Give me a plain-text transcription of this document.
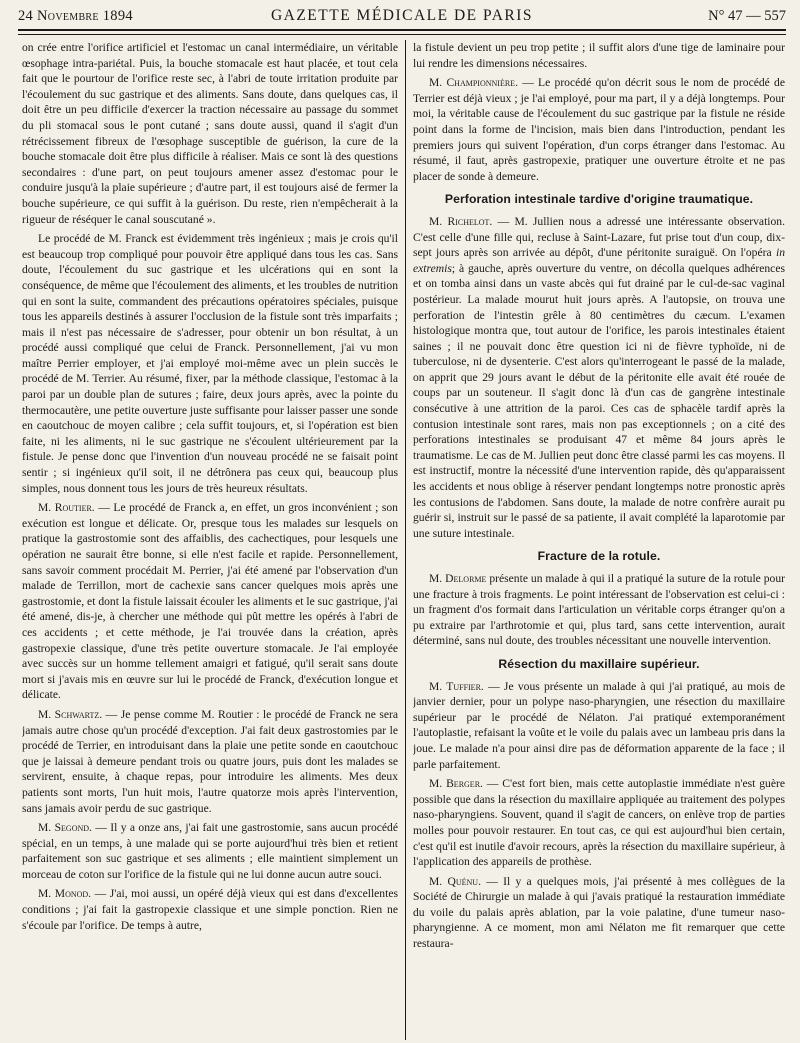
24 Novembre 1894	GAZETTE MÉDICALE DE PARIS	N° 47 — 557

on crée entre l'orifice artificiel et l'estomac un canal intermédiaire, un véritable œsophage intra-pariétal. Puis, la bouche stomacale est haut placée, et tout cela fait que le pourtour de l'orifice reste sec, à l'abri de toute irritation produite par l'écoulement du suc gastrique et des aliments. Sans doute, dans quelques cas, il doit être un peu difficile d'exercer la traction nécessaire au passage du sommet du pli stomacal sous le pont cutané ; sans doute aussi, quand il s'agit d'un rétrécissement fibreux de l'œsophage susceptible de guérison, la cure de la bouche stomacale doit être plus difficile à réaliser. Mais ce sont là des questions secondaires : d'une part, on peut toujours amener assez d'estomac pour le conduire jusqu'à la plaie supérieure ; d'autre part, il est toujours aisé de fermer la bouche supérieure, ce qui suffit à la guérison. Du reste, rien n'empêcherait à la rigueur de réséquer le canal souscutané ».

Le procédé de M. Franck est évidemment très ingénieux ; mais je crois qu'il est beaucoup trop compliqué pour pouvoir être appliqué dans tous les cas. Sans doute, l'écoulement du suc gastrique et les ulcérations qui en sont la conséquence, de même que l'écoulement des aliments, et les troubles de nutrition qui en sont la suite, commandent des précautions opératoires spéciales, puisque tous les appareils destinés à assurer l'occlusion de la fistule sont très imparfaits ; mais il n'est pas nécessaire de s'adresser, pour obtenir un bon résultat, à un procédé aussi compliqué que celui de Franck. Personnellement, j'ai vu mon maître Perrier employer, et j'ai employé moi-même avec un plein succès le procédé de M. Terrier. Au résumé, fixer, par la méthode classique, l'estomac à la paroi par un double plan de sutures ; faire, deux jours après, avec la pointe du thermocautère, une petite ouverture juste suffisante pour laisser passer une sonde en caoutchouc de moyen calibre ; cela suffit toujours, et, si l'opération est bien faite, ni les aliments, ni le suc gastrique ne s'écoulent ultérieurement par la fistule. Je pense donc que l'invention d'un nouveau procédé ne se faisait point sentir ; si ingénieux qu'il soit, il ne détrônera pas ceux qui, beaucoup plus simples, nous donnent tous les jours de très heureux résultats.

M. Routier. — Le procédé de Franck a, en effet, un gros inconvénient ; son exécution est longue et délicate. Or, presque tous les malades sur lesquels on pratique la gastrostomie sont des affaiblis, des cachectiques, pour lesquels une opération ne saurait être bonne, si elle n'est facile et rapide. Personnellement, sans savoir comment procédait M. Perrier, j'ai été amené par l'observation d'un malade de Terrillon, mort de cachexie sans cancer quelques mois après une gastrostomie, et dont la fistule laissait écouler les aliments et le suc gastrique, j'ai été amené, dis-je, à chercher une méthode qui pût mettre les opérés à l'abri de ces accidents ; et cette méthode, je l'ai trouvée dans la création, après gastropexie classique, d'une très petite ouverture stomacale. Je l'ai employée avec succès sur un homme tellement amaigri et fatigué, qu'il serait sans doute mort si j'avais mis en œuvre sur lui le procédé de Franck, d'exécution longue et délicate.

M. Schwartz. — Je pense comme M. Routier : le procédé de Franck ne sera jamais autre chose qu'un procédé d'exception. J'ai fait deux gastrostomies par le procédé de Terrier, en introduisant dans la plaie une petite sonde en caoutchouc que je laissai à demeure pendant trois ou quatre jours, puis dont les malades se servirent, ensuite, à chaque repas, pour introduire les aliments. Mes deux patients sont morts, l'un huit mois, l'autre quatorze mois après l'intervention, sans jamais avoir perdu de suc gastrique.

M. Segond. — Il y a onze ans, j'ai fait une gastrostomie, sans aucun procédé spécial, en un temps, à une malade qui se porte aujourd'hui très bien et retient parfaitement son suc gastrique et ses aliments ; elle maintient simplement un morceau de coton sur l'orifice de la fistule qui ne lui donne aucun autre souci.

M. Monod. — J'ai, moi aussi, un opéré déjà vieux qui est dans d'excellentes conditions ; j'ai fait la gastropexie classique et une simple ponction. Rien ne s'écoule par l'orifice. De temps à autre,

la fistule devient un peu trop petite ; il suffit alors d'une tige de laminaire pour lui rendre les dimensions nécessaires.

M. Championnière. — Le procédé qu'on décrit sous le nom de procédé de Terrier est déjà vieux ; je l'ai employé, pour ma part, il y a déjà longtemps. Pour moi, la véritable cause de l'écoulement du suc gastrique par la fistule ne réside point dans la forme de l'incision, mais bien dans l'introduction, pendant les premiers jours qui suivent l'opération, d'un corps étranger dans l'estomac. Au résumé, il faut, après gastropexie, pratiquer une ouverture étroite et ne pas placer de sonde à demeure.

Perforation intestinale tardive d'origine traumatique.

M. Richelot. — M. Jullien nous a adressé une intéressante observation. C'est celle d'une fille qui, recluse à Saint-Lazare, fut prise tout d'un coup, dix-sept jours après son arrivée au dépôt, d'une péritonite suraiguë. On l'opéra in extremis; à gauche, après ouverture du ventre, on décolla quelques adhérences et on tomba ainsi dans un vaste abcès qui fut drainé par le cul-de-sac vaginal postérieur. La malade mourut huit jours après. A l'autopsie, on trouva une perforation de l'intestin grêle à 80 centimètres du cæcum. L'examen histologique montra que, tout autour de l'orifice, les parois intestinales étaient saines ; il ne pouvait donc être question ici ni de fièvre typhoïde, ni de tuberculose, ni de dysenterie. C'est alors qu'interrogeant le passé de la malade, on apprit que 29 jours avant le début de la péritonite elle avait été rouée de coups par un souteneur. Il s'agit donc là d'un cas de gangrène intestinale consécutive à une attrition de la paroi. Ces cas de sphacèle tardif après la contusion intestinale sont rares, mais non pas exceptionnels ; on a cité des perforations intestinales se produisant 47 et même 84 jours après le traumatisme. Le cas de M. Jullien peut donc être classé parmi les cas moyens. Il est instructif, montre la nécessité d'une intervention rapide, dès qu'apparaissent les accidents et nous oblige à réserver pendant longtemps notre pronostic après les contusions de l'abdomen. Sans doute, la malade de notre confrère aurait pu guérir si, instruit sur le passé de sa patiente, il avait complété la laparotomie par une suture intestinale.

Fracture de la rotule.

M. Delorme présente un malade à qui il a pratiqué la suture de la rotule pour une fracture à trois fragments. Le point intéressant de l'observation est celui-ci : un fragment d'os formait dans l'articulation un véritable corps étranger qu'on a pu extraire par l'arthrotomie et qui, plus tard, sans cette intervention, aurait déterminé, sans nul doute, des troubles nécessitant une nouvelle intervention.

Résection du maxillaire supérieur.

M. Tuffier. — Je vous présente un malade à qui j'ai pratiqué, au mois de janvier dernier, pour un polype naso-pharyngien, une résection du maxillaire supérieur par le procédé de Nélaton. J'ai pratiqué extemporanément l'autoplastie, refaisant la voûte et le voile du palais avec un lambeau pris dans la joue. Le malade n'a pour ainsi dire pas de déformation apparente de la face ; il parle parfaitement.

M. Berger. — C'est fort bien, mais cette autoplastie immédiate n'est guère possible que dans la résection du maxillaire appliquée au traitement des polypes naso-pharyngiens. Souvent, quand il s'agit de cancers, on enlève trop de parties molles pour pouvoir restaurer. En tout cas, ce qui est aujourd'hui bien certain, c'est qu'il est inutile d'avoir recours, après la résection du maxillaire supérieur, à l'application des appareils de prothèse.

M. Quénu. — Il y a quelques mois, j'ai présenté à mes collègues de la Société de Chirurgie un malade à qui j'avais pratiqué la restauration immédiate du voile du palais après ablation, par la voie palatine, d'une tumeur naso-pharyngienne. A ce moment, mon ami Nélaton me fit remarquer que cette restaura-
